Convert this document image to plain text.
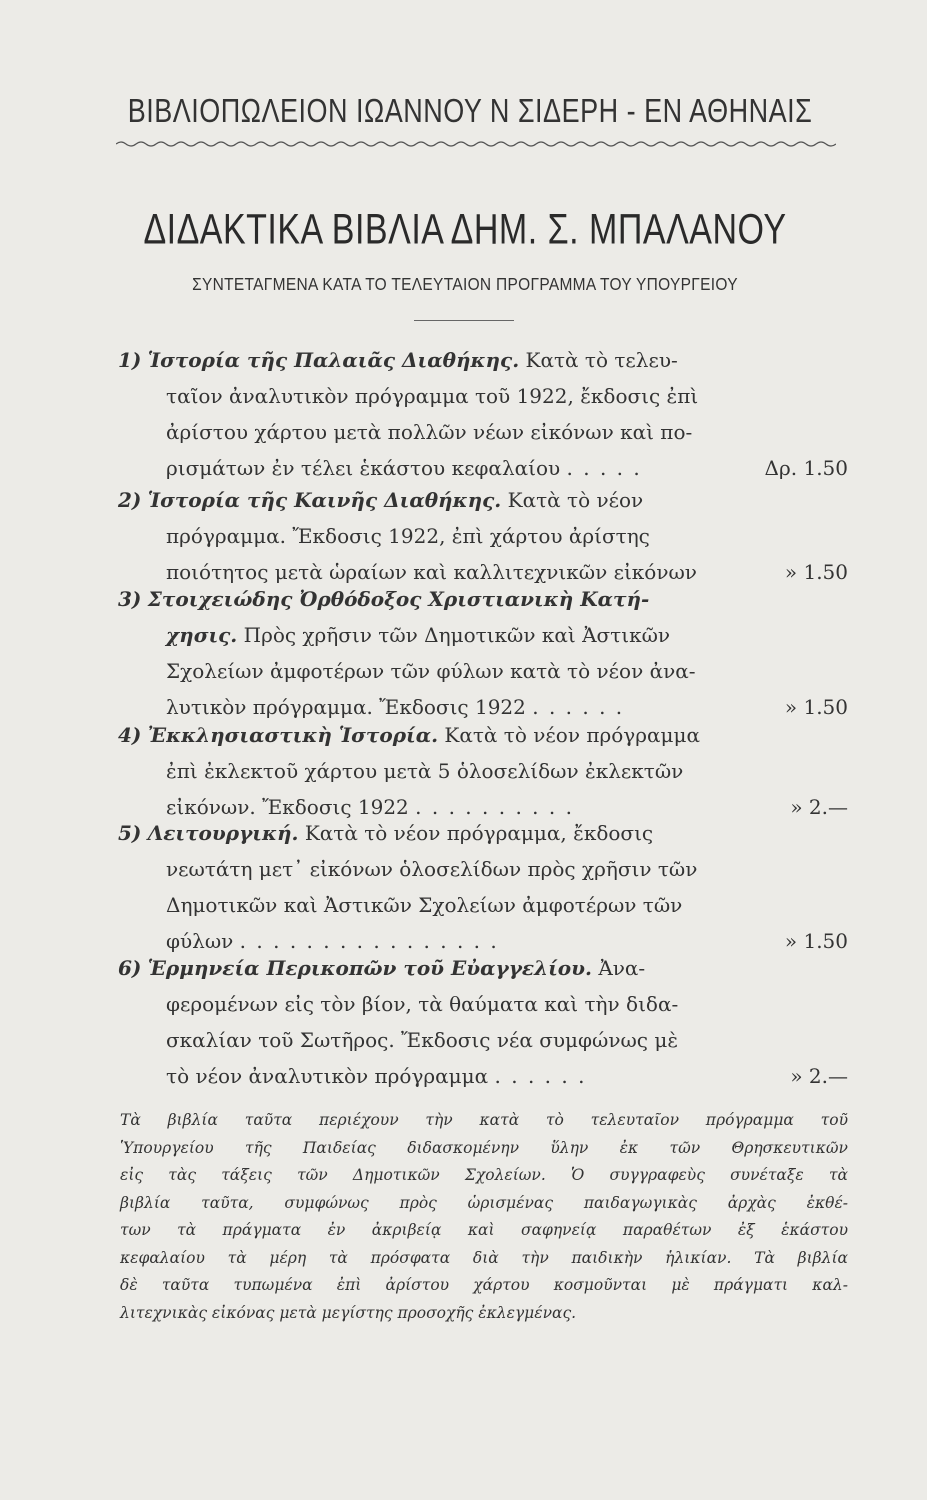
ΒΙΒΛΙΟΠΩΛΕΙΟΝ ΙΩΑΝΝΟΥ Ν ΣΙΔΕΡΗ - ΕΝ ΑΘΗΝΑΙΣ
ΔΙΔΑΚΤΙΚΑ ΒΙΒΛΙΑ ΔΗΜ. Σ. ΜΠΑΛΑΝΟΥ
ΣΥΝΤΕΤΑΓΜΕΝΑ ΚΑΤΑ ΤΟ ΤΕΛΕΥΤΑΙΟΝ ΠΡΟΓΡΑΜΜΑ ΤΟΥ ΥΠΟΥΡΓΕΙΟΥ
1) Ἱστορία τῆς Παλαιᾶς Διαθήκης. Κατὰ τὸ τελευ-
ταῖον ἀναλυτικὸν πρόγραμμα τοῦ 1922, ἔκδοσις ἐπὶ
ἀρίστου χάρτου μετὰ πολλῶν νέων εἰκόνων καὶ πο-
ρισμάτων ἐν τέλει ἑκάστου κεφαλαίου . . . . .	Δρ. 1.50
2) Ἱστορία τῆς Καινῆς Διαθήκης. Κατὰ τὸ νέον
πρόγραμμα. Ἔκδοσις 1922, ἐπὶ χάρτου ἀρίστης
ποιότητος μετὰ ὡραίων καὶ καλλιτεχνικῶν εἰκόνων	» 1.50
3) Στοιχειώδης Ὀρθόδοξος Χριστιανικὴ Κατή-
χησις. Πρὸς χρῆσιν τῶν Δημοτικῶν καὶ Ἀστικῶν
Σχολείων ἀμφοτέρων τῶν φύλων κατὰ τὸ νέον ἀνα-
λυτικὸν πρόγραμμα. Ἔκδοσις 1922 . . . . . .	» 1.50
4) Ἐκκλησιαστικὴ Ἱστορία. Κατὰ τὸ νέον πρόγραμμα
ἐπὶ ἐκλεκτοῦ χάρτου μετὰ 5 ὁλοσελίδων ἐκλεκτῶν
εἰκόνων. Ἔκδοσις 1922 . . . . . . . . . .	» 2.—
5) Λειτουργική. Κατὰ τὸ νέον πρόγραμμα, ἔκδοσις
νεωτάτη μετ᾽ εἰκόνων ὁλοσελίδων πρὸς χρῆσιν τῶν
Δημοτικῶν καὶ Ἀστικῶν Σχολείων ἀμφοτέρων τῶν
φύλων . . . . . . . . . . . . . . . .	» 1.50
6) Ἑρμηνεία Περικοπῶν τοῦ Εὐαγγελίου. Ἀνα-
φερομένων εἰς τὸν βίον, τὰ θαύματα καὶ τὴν διδα-
σκαλίαν τοῦ Σωτῆρος. Ἔκδοσις νέα συμφώνως μὲ
τὸ νέον ἀναλυτικὸν πρόγραμμα . . . . . .	» 2.—
Τὰ βιβλία ταῦτα περιέχουν τὴν κατὰ τὸ τελευταῖον πρόγραμμα τοῦ
Ὑπουργείου τῆς Παιδείας διδασκομένην ὕλην ἐκ τῶν Θρησκευτικῶν
εἰς τὰς τάξεις τῶν Δημοτικῶν Σχολείων. Ὁ συγγραφεὺς συνέταξε τὰ
βιβλία ταῦτα, συμφώνως πρὸς ὡρισμένας παιδαγωγικὰς ἀρχὰς ἐκθέ-
των τὰ πράγματα ἐν ἀκριβείᾳ καὶ σαφηνείᾳ παραθέτων ἐξ ἑκάστου
κεφαλαίου τὰ μέρη τὰ πρόσφατα διὰ τὴν παιδικὴν ἡλικίαν. Τὰ βιβλία
δὲ ταῦτα τυπωμένα ἐπὶ ἀρίστου χάρτου κοσμοῦνται μὲ πράγματι καλ-
λιτεχνικὰς εἰκόνας μετὰ μεγίστης προσοχῆς ἐκλεγμένας.
